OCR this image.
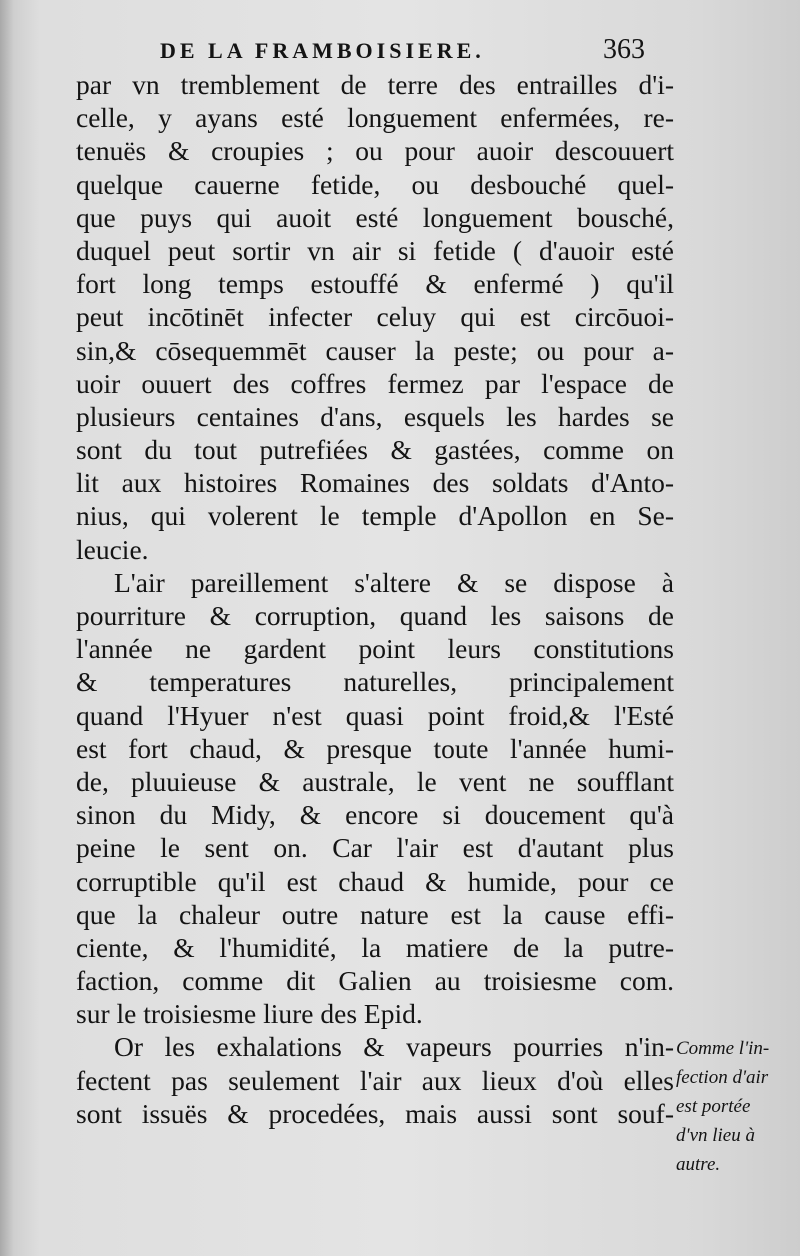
DE LA FRAMBOISIERE.	363

par vn tremblement de terre des entrailles d'i-
celle, y ayans esté longuement enfermées, re-
tenuës & croupies ; ou pour auoir descouuert
quelque cauerne fetide, ou desbouché quel-
que puys qui auoit esté longuement bousché,
duquel peut sortir vn air si fetide ( d'auoir esté
fort long temps estouffé & enfermé ) qu'il
peut incōtinēt infecter celuy qui est circōuoi-
sin,& cōsequemmēt causer la peste; ou pour a-
uoir ouuert des coffres fermez par l'espace de
plusieurs centaines d'ans, esquels les hardes se
sont du tout putrefiées & gastées, comme on
lit aux histoires Romaines des soldats d'Anto-
nius, qui volerent le temple d'Apollon en Se-
leucie.
L'air pareillement s'altere & se dispose à
pourriture & corruption, quand les saisons de
l'année ne gardent point leurs constitutions
& temperatures naturelles, principalement
quand l'Hyuer n'est quasi point froid,& l'Esté
est fort chaud, & presque toute l'année humi-
de, pluuieuse & australe, le vent ne soufflant
sinon du Midy, & encore si doucement qu'à
peine le sent on. Car l'air est d'autant plus
corruptible qu'il est chaud & humide, pour ce
que la chaleur outre nature est la cause effi-
ciente, & l'humidité, la matiere de la putre-
faction, comme dit Galien au troisiesme com.
sur le troisiesme liure des Epid.
Or les exhalations & vapeurs pourries n'in-
fectent pas seulement l'air aux lieux d'où elles
sont issuës & procedées, mais aussi sont souf-
Comme l'in-
fection d'air
est portée
d'vn lieu à
autre.
